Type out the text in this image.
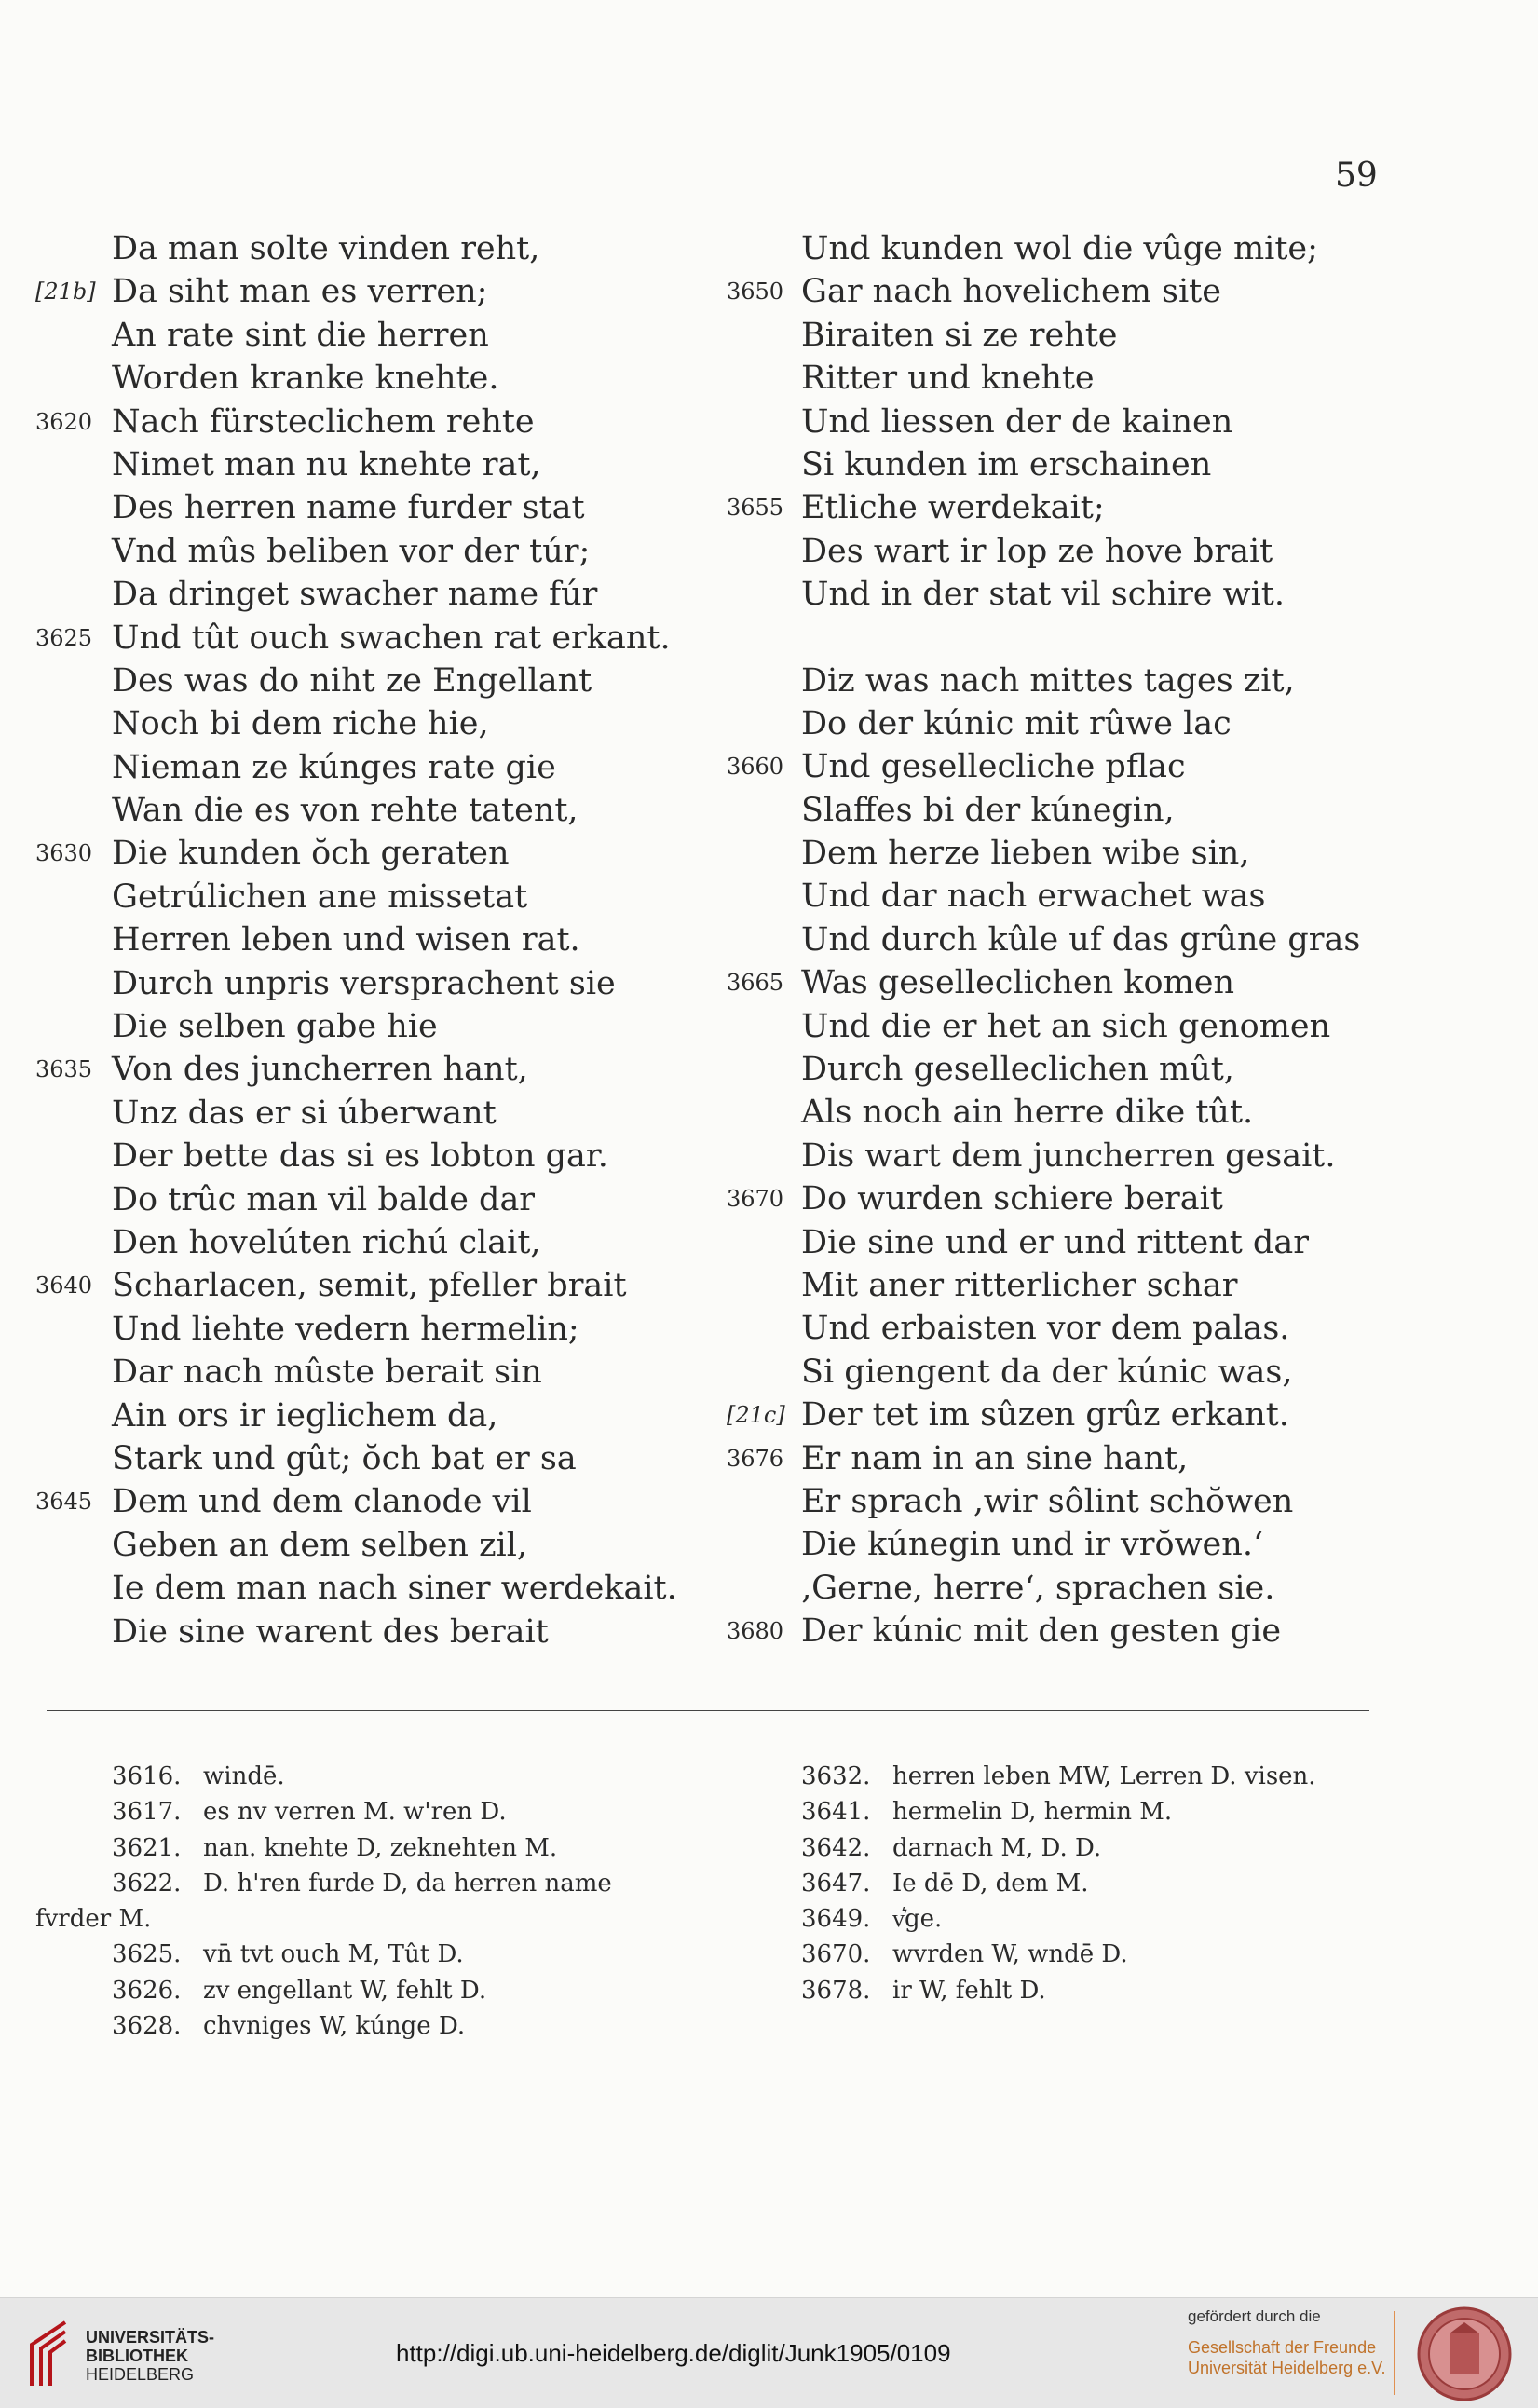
59
Da man solte vinden reht,
[21b] Da siht man es verren;
An rate sint die herren
Worden kranke knehte.
3620 Nach fürsteclichem rehte
Nimet man nu knehte rat,
Des herren name furder stat
Vnd mûs beliben vor der túr;
Da dringet swacher name fúr
3625 Und tût ouch swachen rat erkant.
Des was do niht ze Engellant
Noch bi dem riche hie,
Nieman ze kúnges rate gie
Wan die es von rehte tatent,
3630 Die kunden ŏch geraten
Getrúlichen ane missetat
Herren leben und wisen rat.
Durch unpris versprachent sie
Die selben gabe hie
3635 Von des juncherren hant,
Unz das er si úberwant
Der bette das si es lobton gar.
Do trûc man vil balde dar
Den hovelúten richú clait,
3640 Scharlacen, semit, pfeller brait
Und liehte vedern hermelin;
Dar nach mûste berait sin
Ain ors ir ieglichem da,
Stark und gût; ŏch bat er sa
3645 Dem und dem clanode vil
Geben an dem selben zil,
Ie dem man nach siner werdekait.
Die sine warent des berait
Und kunden wol die vûge mite;
3650 Gar nach hovelichem site
Biraiten si ze rehte
Ritter und knehte
Und liessen der de kainen
Si kunden im erschainen
3655 Etliche werdekait;
Des wart ir lop ze hove brait
Und in der stat vil schire wit.
Diz was nach mittes tages zit,
Do der kúnic mit rûwe lac
3660 Und gesellecliche pflac
Slaffes bi der kúnegin,
Dem herze lieben wibe sin,
Und dar nach erwachet was
Und durch kûle uf das grûne gras
3665 Was geselleclichen komen
Und die er het an sich genomen
Durch geselleclichen mût,
Als noch ain herre dike tût.
Dis wart dem juncherren gesait.
3670 Do wurden schiere berait
Die sine und er und rittent dar
Mit aner ritterlicher schar
Und erbaisten vor dem palas.
Si giengent da der kúnic was,
[21c] Der tet im sûzen grûz erkant.
3676 Er nam in an sine hant,
Er sprach ‚wir sôlint schŏwen
Die kúnegin und ir vrŏwen.‘
‚Gerne, herre‘, sprachen sie.
3680 Der kúnic mit den gesten gie
3616. windē.
3617. es nv verren M. w'ren D.
3621. nan. knehte D, zeknehten M.
3622. D. h'ren furde D, da herren name
fvrder M.
3625. vn̄ tvt ouch M, Tût D.
3626. zv engellant W, fehlt D.
3628. chvniges W, kúnge D.
3632. herren leben MW, Lerren D. visen.
3641. hermelin D, hermin M.
3642. darnach M, D. D.
3647. Ie dē D, dem M.
3649. v͛ge.
3670. wvrden W, wndē D.
3678. ir W, fehlt D.
UNIVERSITÄTS-
BIBLIOTHEK
HEIDELBERG
http://digi.ub.uni-heidelberg.de/diglit/Junk1905/0109
gefördert durch die
Gesellschaft der Freunde
Universität Heidelberg e.V.
